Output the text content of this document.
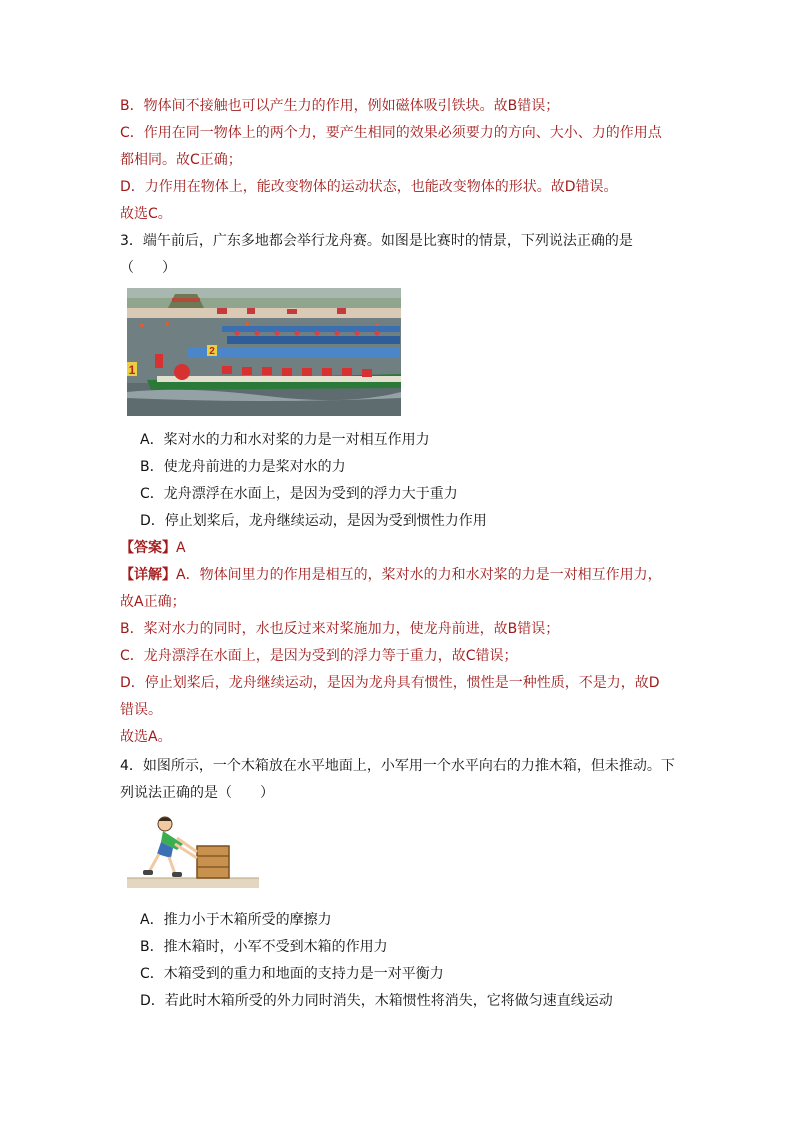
B．物体间不接触也可以产生力的作用，例如磁体吸引铁块。故B错误；
C．作用在同一物体上的两个力，要产生相同的效果必须要力的方向、大小、力的作用点
都相同。故C正确；
D．力作用在物体上，能改变物体的运动状态，也能改变物体的形状。故D错误。
故选C。
3．端午前后，广东多地都会举行龙舟赛。如图是比赛时的情景，下列说法正确的是
（　　）
2
1
A．桨对水的力和水对桨的力是一对相互作用力
B．使龙舟前进的力是桨对水的力
C．龙舟漂浮在水面上，是因为受到的浮力大于重力
D．停止划桨后，龙舟继续运动，是因为受到惯性力作用
【答案】A
【详解】A．物体间里力的作用是相互的，桨对水的力和水对桨的力是一对相互作用力，
故A正确；
B．桨对水力的同时，水也反过来对桨施加力，使龙舟前进，故B错误；
C．龙舟漂浮在水面上，是因为受到的浮力等于重力，故C错误；
D．停止划桨后，龙舟继续运动，是因为龙舟具有惯性，惯性是一种性质，不是力，故D
错误。
故选A。
4．如图所示，一个木箱放在水平地面上，小军用一个水平向右的力推木箱，但未推动。下
列说法正确的是（　　）
A．推力小于木箱所受的摩擦力
B．推木箱时，小军不受到木箱的作用力
C．木箱受到的重力和地面的支持力是一对平衡力
D．若此时木箱所受的外力同时消失，木箱惯性将消失，它将做匀速直线运动
